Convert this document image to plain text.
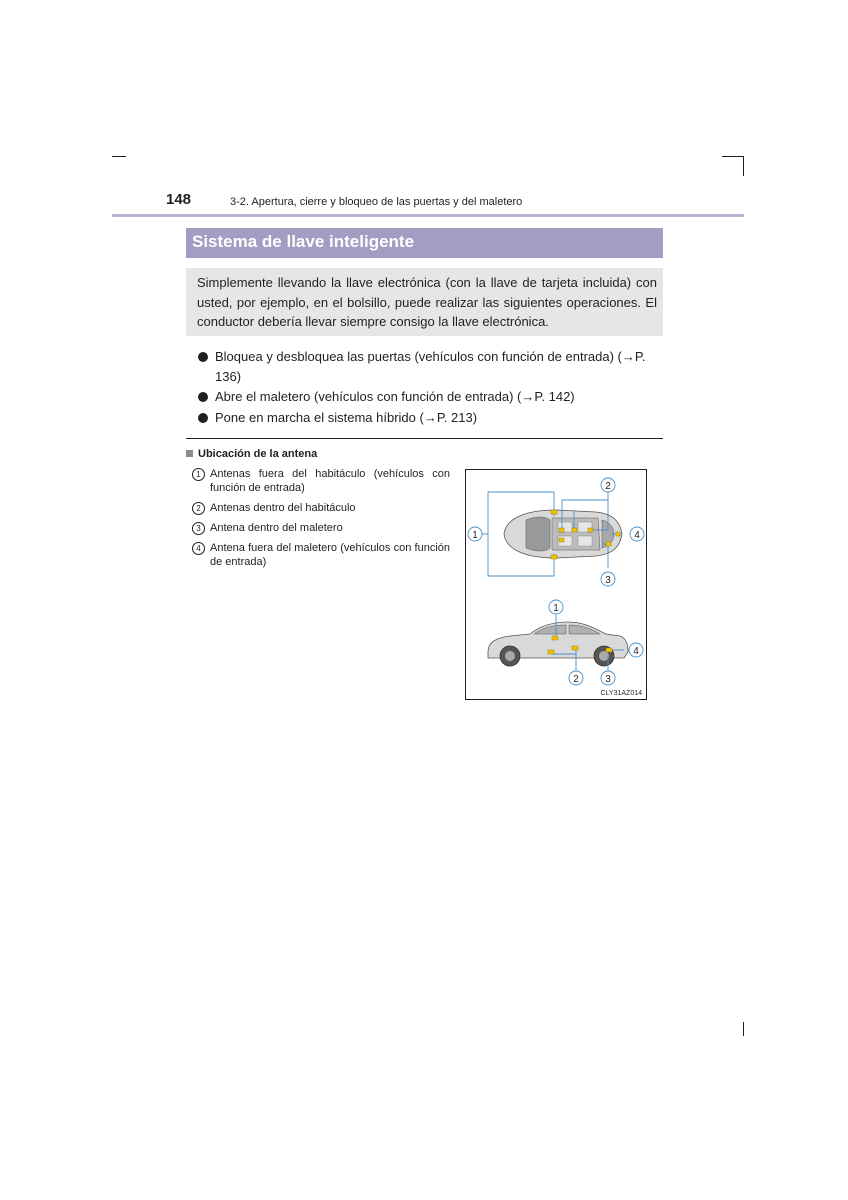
148	3-2. Apertura, cierre y bloqueo de las puertas y del maletero
Sistema de llave inteligente
Simplemente llevando la llave electrónica (con la llave de tarjeta incluida) con usted, por ejemplo, en el bolsillo, puede realizar las siguientes operaciones. El conductor debería llevar siempre consigo la llave electrónica.
Bloquea y desbloquea las puertas (vehículos con función de entrada) (→P. 136)
Abre el maletero (vehículos con función de entrada) (→P. 142)
Pone en marcha el sistema híbrido (→P. 213)
Ubicación de la antena
1 Antenas fuera del habitáculo (vehículos con función de entrada)
2 Antenas dentro del habitáculo
3 Antena dentro del maletero
4 Antena fuera del maletero (vehículos con función de entrada)
1
2
4
3
1
2	3
4
CLY31AZ014
